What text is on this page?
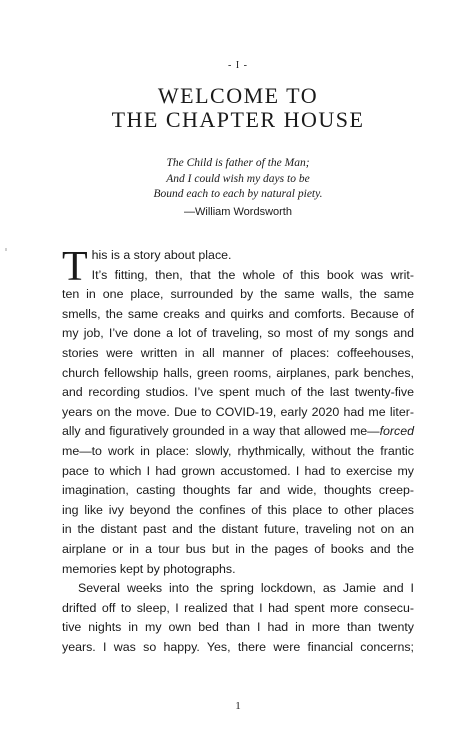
- I -
WELCOME TO
THE CHAPTER HOUSE
The Child is father of the Man;
And I could wish my days to be
Bound each to each by natural piety.
—William Wordsworth

T his is a story about place.

It’s fitting, then, that the whole of this book was writ-
ten in one place, surrounded by the same walls, the same
smells, the same creaks and quirks and comforts. Because of
my job, I’ve done a lot of traveling, so most of my songs and
stories were written in all manner of places: coffeehouses,
church fellowship halls, green rooms, airplanes, park benches,
and recording studios. I’ve spent much of the last twenty-five
years on the move. Due to COVID-19, early 2020 had me liter-
ally and figuratively grounded in a way that allowed me—forced
me—to work in place: slowly, rhythmically, without the frantic
pace to which I had grown accustomed. I had to exercise my
imagination, casting thoughts far and wide, thoughts creep-
ing like ivy beyond the confines of this place to other places
in the distant past and the distant future, traveling not on an
airplane or in a tour bus but in the pages of books and the
memories kept by photographs.

Several weeks into the spring lockdown, as Jamie and I
drifted off to sleep, I realized that I had spent more consecu-
tive nights in my own bed than I had in more than twenty
years. I was so happy. Yes, there were financial concerns;

1
